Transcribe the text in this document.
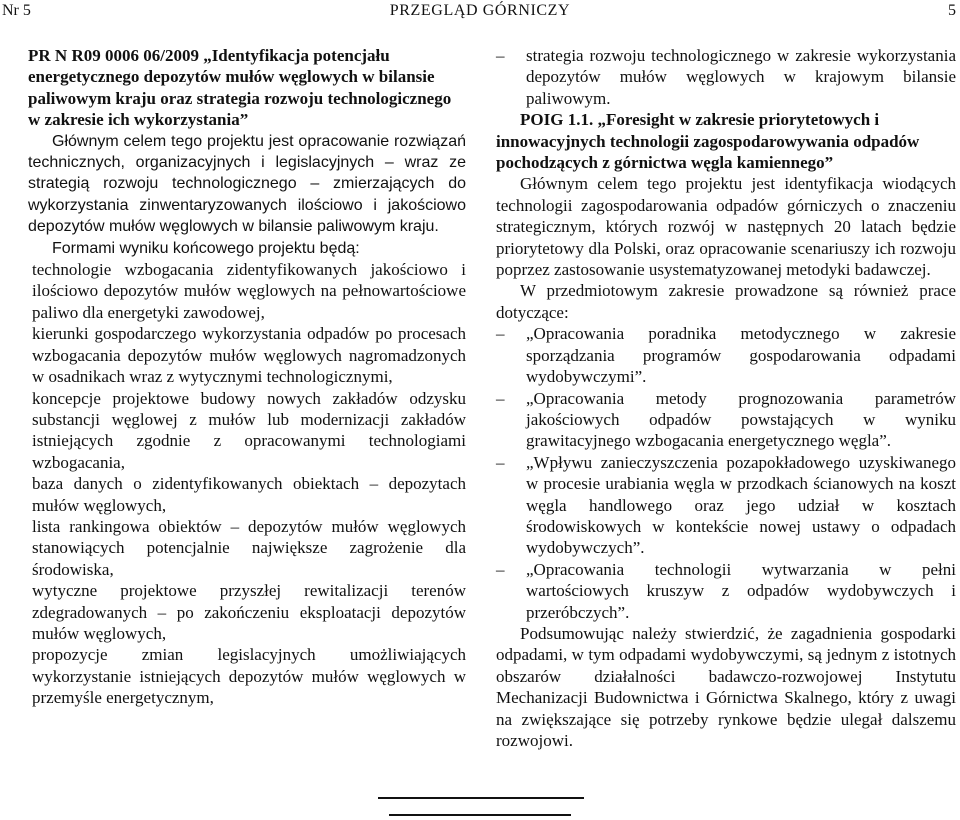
Nr 5	PRZEGLĄD GÓRNICZY	5

PR N R09 0006 06/2009 „Identyfikacja potencjału energetycznego depozytów mułów węglowych w bilansie paliwowym kraju oraz strategia rozwoju technologicznego w zakresie ich wykorzystania”

Głównym celem tego projektu jest opracowanie rozwiązań technicznych, organizacyjnych i legislacyjnych – wraz ze strategią rozwoju technologicznego – zmierzających do wykorzystania zinwentaryzowanych ilościowo i jakościowo depozytów mułów węglowych w bilansie paliwowym kraju.

Formami wyniku końcowego projektu będą:

technologie wzbogacania zidentyfikowanych jakościowo i ilościowo depozytów mułów węglowych na pełnowartościowe paliwo dla energetyki zawodowej,
kierunki gospodarczego wykorzystania odpadów po procesach wzbogacania depozytów mułów węglowych nagromadzonych w osadnikach wraz z wytycznymi technologicznymi,
koncepcje projektowe budowy nowych zakładów odzysku substancji węglowej z mułów lub modernizacji zakładów istniejących zgodnie z opracowanymi technologiami wzbogacania,
baza danych o zidentyfikowanych obiektach – depozytach mułów węglowych,
lista rankingowa obiektów – depozytów mułów węglowych stanowiących potencjalnie największe zagrożenie dla środowiska,
wytyczne projektowe przyszłej rewitalizacji terenów zdegradowanych – po zakończeniu eksploatacji depozytów mułów węglowych,
propozycje zmian legislacyjnych umożliwiających wykorzystanie istniejących depozytów mułów węglowych w przemyśle energetycznym,
– strategia rozwoju technologicznego w zakresie wykorzystania depozytów mułów węglowych w krajowym bilansie paliwowym.

POIG 1.1. „Foresight w zakresie priorytetowych i innowacyjnych technologii zagospodarowywania odpadów pochodzących z górnictwa węgla kamiennego”

Głównym celem tego projektu jest identyfikacja wiodących technologii zagospodarowania odpadów górniczych o znaczeniu strategicznym, których rozwój w następnych 20 latach będzie priorytetowy dla Polski, oraz opracowanie scenariuszy ich rozwoju poprzez zastosowanie usystematyzowanej metodyki badawczej.

W przedmiotowym zakresie prowadzone są również prace dotyczące:

– „Opracowania poradnika metodycznego w zakresie sporządzania programów gospodarowania odpadami wydobywczymi”.
– „Opracowania metody prognozowania parametrów jakościowych odpadów powstających w wyniku grawitacyjnego wzbogacania energetycznego węgla”.
– „Wpływu zanieczyszczenia pozapokładowego uzyskiwanego w procesie urabiania węgla w przodkach ścianowych na koszt węgla handlowego oraz jego udział w kosztach środowiskowych w kontekście nowej ustawy o odpadach wydobywczych”.
– „Opracowania technologii wytwarzania w pełni wartościowych kruszyw z odpadów wydobywczych i przeróbczych”.

Podsumowując należy stwierdzić, że zagadnienia gospodarki odpadami, w tym odpadami wydobywczymi, są jednym z istotnych obszarów działalności badawczo-rozwojowej Instytutu Mechanizacji Budownictwa i Górnictwa Skalnego, który z uwagi na zwiększające się potrzeby rynkowe będzie ulegał dalszemu rozwojowi.
